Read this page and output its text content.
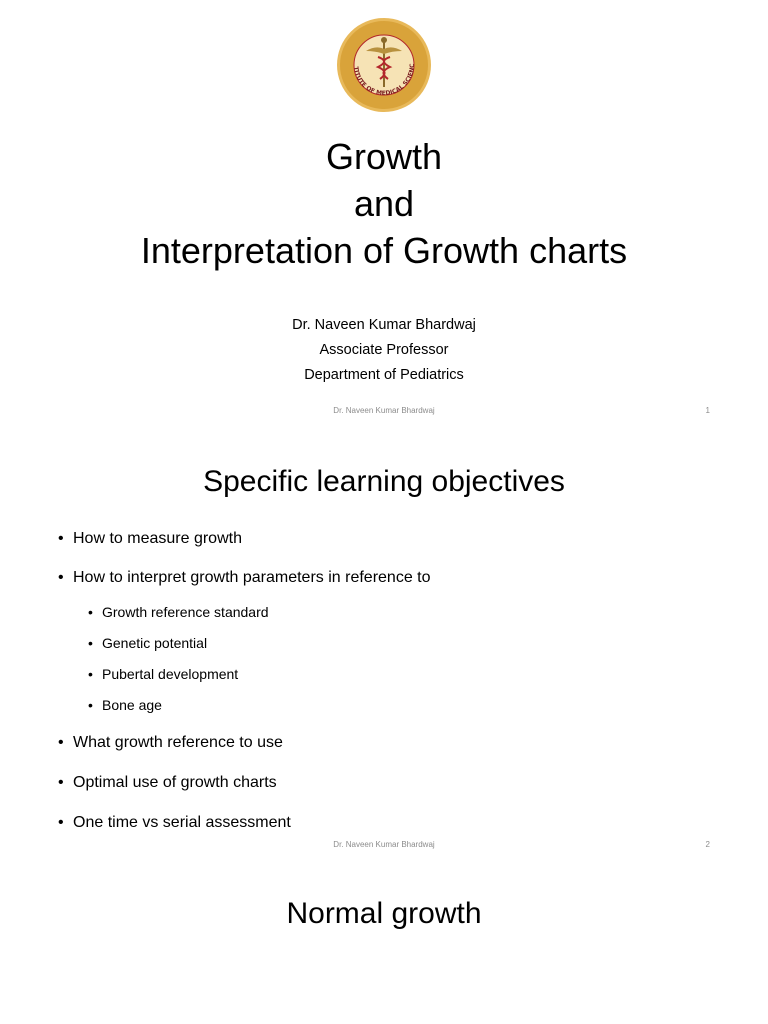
TITUTE OF MEDICAL SCIENC
Growth
and
Interpretation of Growth charts
Dr. Naveen Kumar Bhardwaj
Associate Professor
Department of Pediatrics
Dr. Naveen Kumar Bhardwaj	1
Specific learning objectives
• How to measure growth
• How to interpret growth parameters in reference to
• Growth reference standard
• Genetic potential
• Pubertal development
• Bone age
• What growth reference to use
• Optimal use of growth charts
• One time vs serial assessment
Dr. Naveen Kumar Bhardwaj	2
Normal growth
